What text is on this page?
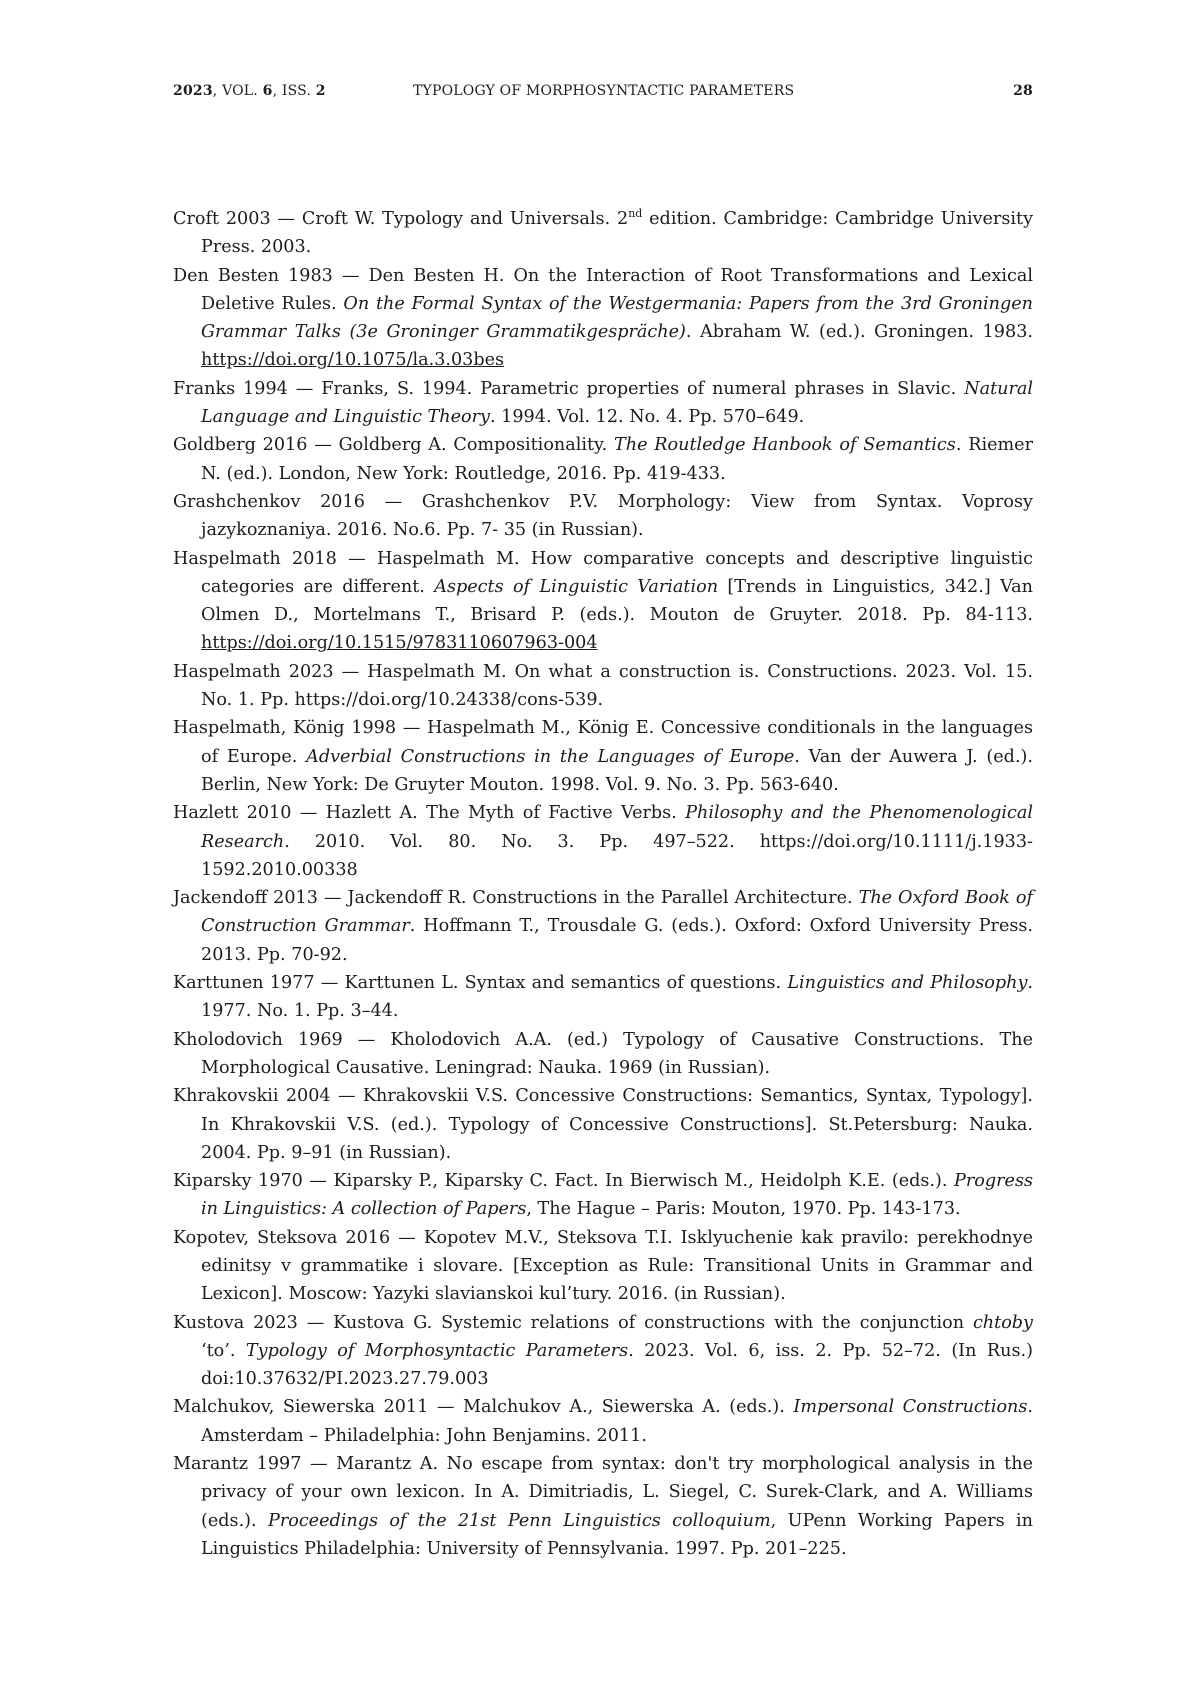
2023, VOL. 6, ISS. 2	TYPOLOGY OF MORPHOSYNTACTIC PARAMETERS	28

Croft 2003 — Croft W. Typology and Universals. 2nd edition. Cambridge: Cambridge University Press. 2003.

Den Besten 1983 — Den Besten H. On the Interaction of Root Transformations and Lexical Deletive Rules. On the Formal Syntax of the Westgermania: Papers from the 3rd Groningen Grammar Talks (3e Groninger Grammatikgespräche). Abraham W. (ed.). Groningen. 1983. https://doi.org/10.1075/la.3.03bes

Franks 1994 — Franks, S. 1994. Parametric properties of numeral phrases in Slavic. Natural Language and Linguistic Theory. 1994. Vol. 12. No. 4. Pp. 570–649.

Goldberg 2016 — Goldberg A. Compositionality. The Routledge Hanbook of Semantics. Riemer N. (ed.). London, New York: Routledge, 2016. Pp. 419-433.

Grashchenkov 2016 — Grashchenkov P.V. Morphology: View from Syntax. Voprosy jazykoznaniya. 2016. No.6. Pp. 7- 35 (in Russian).

Haspelmath 2018 — Haspelmath M. How comparative concepts and descriptive linguistic categories are different. Aspects of Linguistic Variation [Trends in Linguistics, 342.] Van Olmen D., Mortelmans T., Brisard P. (eds.). Mouton de Gruyter. 2018. Pp. 84-113. https://doi.org/10.1515/9783110607963-004

Haspelmath 2023 — Haspelmath M. On what a construction is. Constructions. 2023. Vol. 15. No. 1. Pp. https://doi.org/10.24338/cons-539.

Haspelmath, König 1998 — Haspelmath M., König E. Concessive conditionals in the languages of Europe. Adverbial Constructions in the Languages of Europe. Van der Auwera J. (ed.). Berlin, New York: De Gruyter Mouton. 1998. Vol. 9. No. 3. Pp. 563-640.

Hazlett 2010 — Hazlett A. The Myth of Factive Verbs. Philosophy and the Phenomenological Research. 2010. Vol. 80. No. 3. Pp. 497–522. https://doi.org/10.1111/j.1933-1592.2010.00338

Jackendoff 2013 — Jackendoff R. Constructions in the Parallel Architecture. The Oxford Book of Construction Grammar. Hoffmann T., Trousdale G. (eds.). Oxford: Oxford University Press. 2013. Pp. 70-92.

Karttunen 1977 — Karttunen L. Syntax and semantics of questions. Linguistics and Philosophy. 1977. No. 1. Pp. 3–44.

Kholodovich 1969 — Kholodovich A.A. (ed.) Typology of Causative Constructions. The Morphological Causative. Leningrad: Nauka. 1969 (in Russian).

Khrakovskii 2004 — Khrakovskii V.S. Concessive Constructions: Semantics, Syntax, Typology]. In Khrakovskii V.S. (ed.). Typology of Concessive Constructions]. St.Petersburg: Nauka. 2004. Pp. 9–91 (in Russian).

Kiparsky 1970 — Kiparsky P., Kiparsky C. Fact. In Bierwisch M., Heidolph K.E. (eds.). Progress in Linguistics: A collection of Papers, The Hague – Paris: Mouton, 1970. Pp. 143-173.

Kopotev, Steksova 2016 — Kopotev M.V., Steksova T.I. Isklyuchenie kak pravilo: perekhodnye edinitsy v grammatike i slovare. [Exception as Rule: Transitional Units in Grammar and Lexicon]. Moscow: Yazyki slavianskoi kul’tury. 2016. (in Russian).

Kustova 2023 — Kustova G. Systemic relations of constructions with the conjunction chtoby ‘to’. Typology of Morphosyntactic Parameters. 2023. Vol. 6, iss. 2. Pp. 52–72. (In Rus.) doi:10.37632/PI.2023.27.79.003

Malchukov, Siewerska 2011 — Malchukov A., Siewerska A. (eds.). Impersonal Constructions. Amsterdam – Philadelphia: John Benjamins. 2011.

Marantz 1997 — Marantz A. No escape from syntax: don't try morphological analysis in the privacy of your own lexicon. In A. Dimitriadis, L. Siegel, C. Surek-Clark, and A. Williams (eds.). Proceedings of the 21st Penn Linguistics colloquium, UPenn Working Papers in Linguistics Philadelphia: University of Pennsylvania. 1997. Pp. 201–225.
